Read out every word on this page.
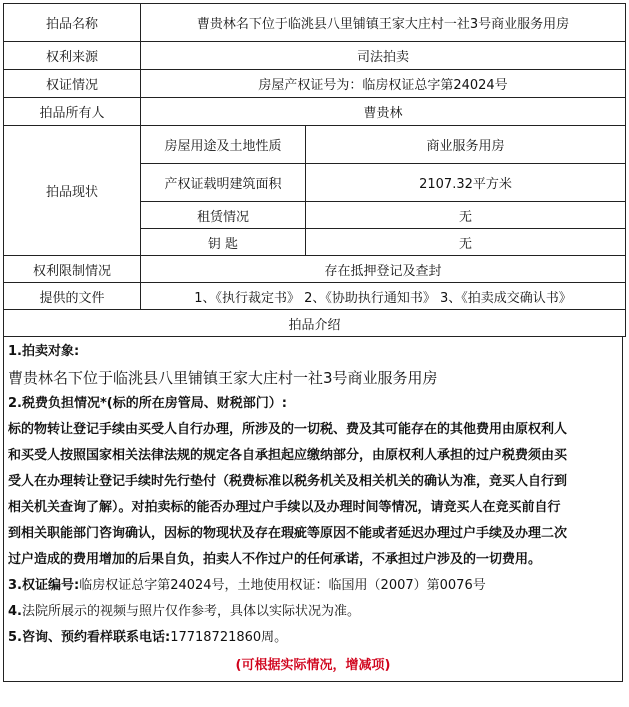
拍品名称	曹贵林名下位于临洮县八里铺镇王家大庄村一社3号商业服务用房	
权利来源	司法拍卖	
权证情况	房屋产权证号为：临房权证总字第24024号	
拍品所有人	曹贵林	
拍品现状	房屋用途及土地性质	商业服务用房
	产权证载明建筑面积	2107.32平方米
	租赁情况	无
	钥 匙	无
权利限制情况	存在抵押登记及查封	
提供的文件	1、《执行裁定书》 2、《协助执行通知书》 3、《拍卖成交确认书》	
拍品介绍		

1.拍卖对象:

曹贵林名下位于临洮县八里铺镇王家大庄村一社3号商业服务用房

2.税费负担情况*(标的所在房管局、财税部门）:

标的物转让登记手续由买受人自行办理，所涉及的一切税、费及其可能存在的其他费用由原权利人

和买受人按照国家相关法律法规的规定各自承担起应缴纳部分，由原权利人承担的过户税费须由买

受人在办理转让登记手续时先行垫付（税费标准以税务机关及相关机关的确认为准，竞买人自行到

相关机关查询了解）。对拍卖标的能否办理过户手续以及办理时间等情况，请竞买人在竞买前自行

到相关职能部门咨询确认，因标的物现状及存在瑕疵等原因不能或者延迟办理过户手续及办理二次

过户造成的费用增加的后果自负，拍卖人不作过户的任何承诺，不承担过户涉及的一切费用。

3.权证编号:临房权证总字第24024号，土地使用权证：临国用（2007）第0076号

4.法院所展示的视频与照片仅作参考，具体以实际状况为准。

5.咨询、预约看样联系电话:17718721860周。

(可根据实际情况，增减项)
